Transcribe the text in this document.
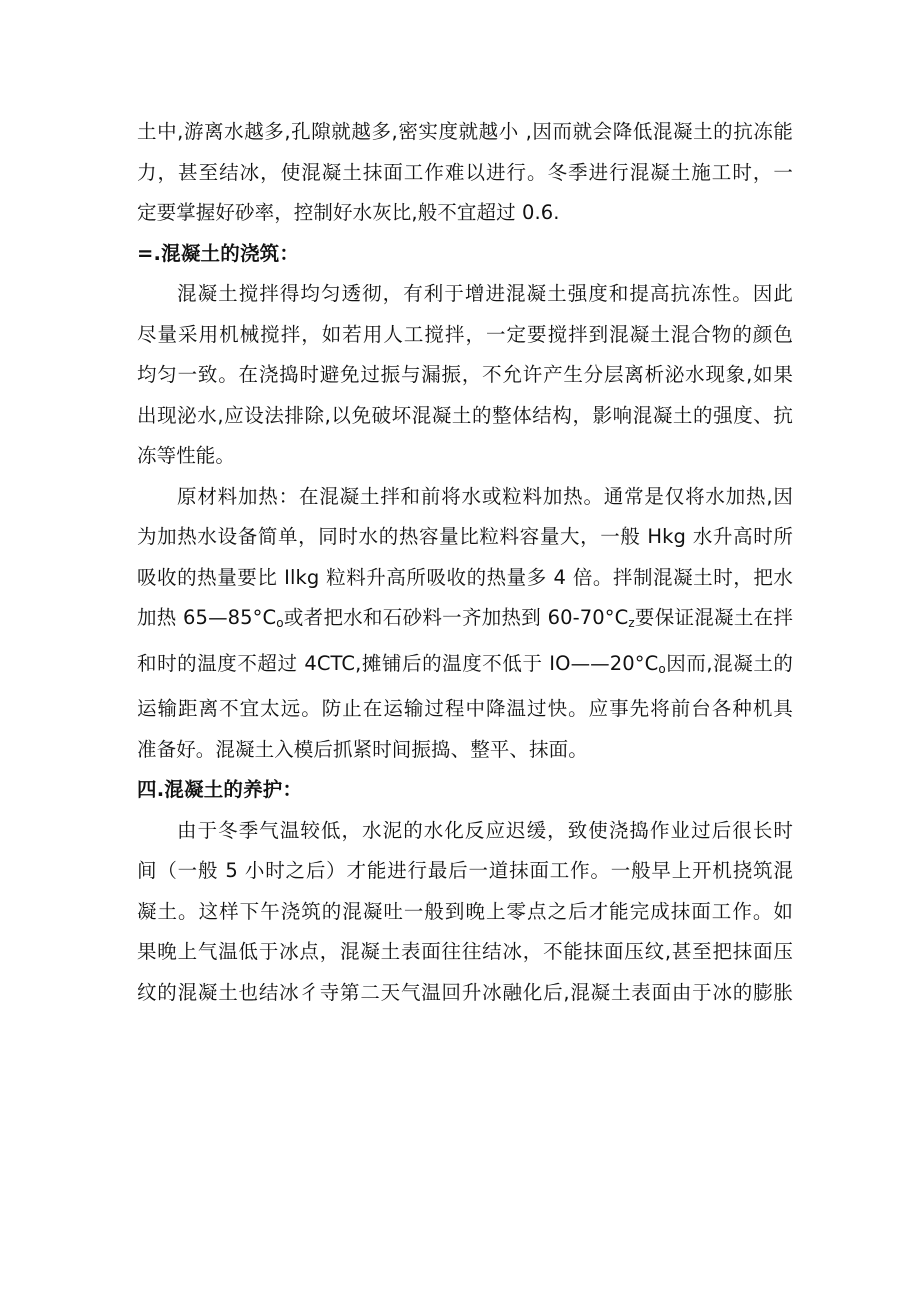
土中,游离水越多,孔隙就越多,密实度就越小 ,因而就会降低混凝土的抗冻能
力，甚至结冰，使混凝土抹面工作难以进行。冬季进行混凝土施工时，一
定要掌握好砂率，控制好水灰比,般不宜超过 0.6.

=.混凝土的浇筑：

混凝土搅拌得均匀透彻，有利于增进混凝土强度和提高抗冻性。因此
尽量采用机械搅拌，如若用人工搅拌，一定要搅拌到混凝土混合物的颜色
均匀一致。在浇捣时避免过振与漏振，不允许产生分层离析泌水现象,如果
出现泌水,应设法排除,以免破坏混凝土的整体结构，影响混凝土的强度、抗
冻等性能。

原材料加热：在混凝土拌和前将水或粒料加热。通常是仅将水加热,因
为加热水设备简单，同时水的热容量比粒料容量大，一般 Hkg 水升高时所
吸收的热量要比 Ilkg 粒料升高所吸收的热量多 4 倍。拌制混凝土时，把水
加热 $65—85^\circ C_o$或者把水和石砂料一齐加热到 $60-70^\circ C_z$要保证混凝土在拌
和时的温度不超过 4CTC,摊铺后的温度不低于 $IO——20^\circ C_o$因而,混凝土的
运输距离不宜太远。防止在运输过程中降温过快。应事先将前台各种机具
准备好。混凝土入模后抓紧时间振捣、整平、抹面。

四.混凝土的养护：

由于冬季气温较低，水泥的水化反应迟缓，致使浇捣作业过后很长时
间（一般 5 小时之后）才能进行最后一道抹面工作。一般早上开机挠筑混
凝土。这样下午浇筑的混凝吐一般到晚上零点之后才能完成抹面工作。如
果晚上气温低于冰点，混凝土表面往往结冰，不能抹面压纹,甚至把抹面压
纹的混凝土也结冰彳寺第二天气温回升冰融化后,混凝土表面由于冰的膨胀
